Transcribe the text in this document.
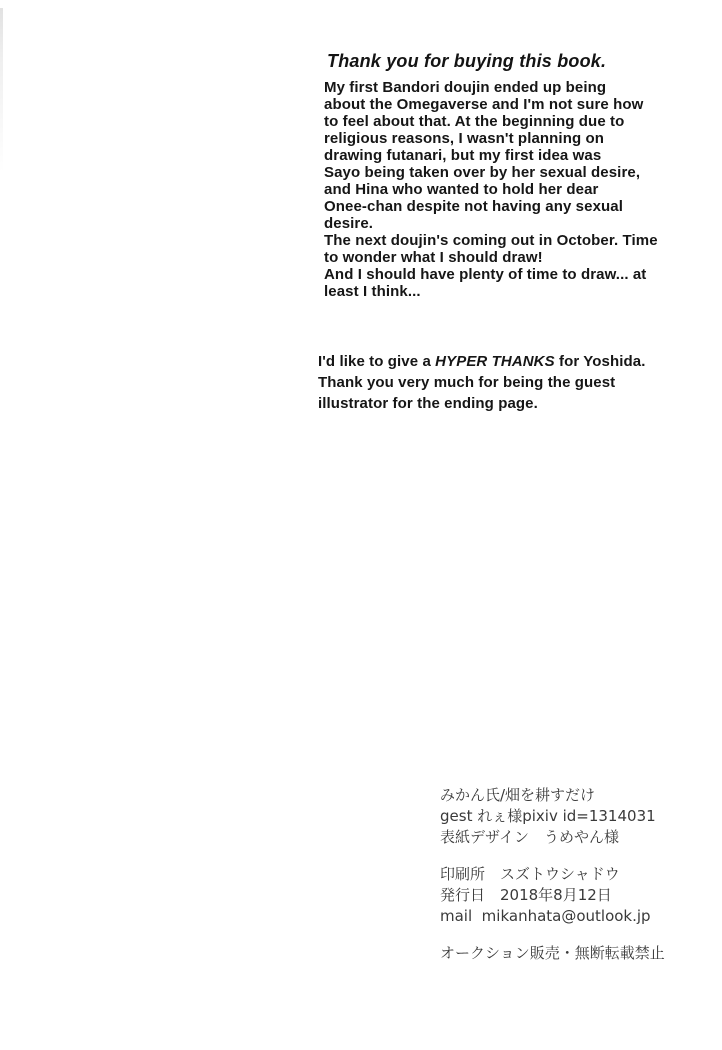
Thank you for buying this book.
My first Bandori doujin ended up being
about the Omegaverse and I'm not sure how
to feel about that. At the beginning due to
religious reasons, I wasn't planning on
drawing futanari, but my first idea was
Sayo being taken over by her sexual desire,
and Hina who wanted to hold her dear
Onee-chan despite not having any sexual
desire.
The next doujin's coming out in October. Time
to wonder what I should draw!
And I should have plenty of time to draw... at
least I think...
I'd like to give a HYPER THANKS for Yoshida.
Thank you very much for being the guest
illustrator for the ending page.
みかん氏/畑を耕すだけ
gest れぇ様pixiv id=1314031
表紙デザイン　うめやん様
印刷所　スズトウシャドウ
発行日　2018年8月12日
mail  mikanhata@outlook.jp
オークション販売・無断転載禁止
